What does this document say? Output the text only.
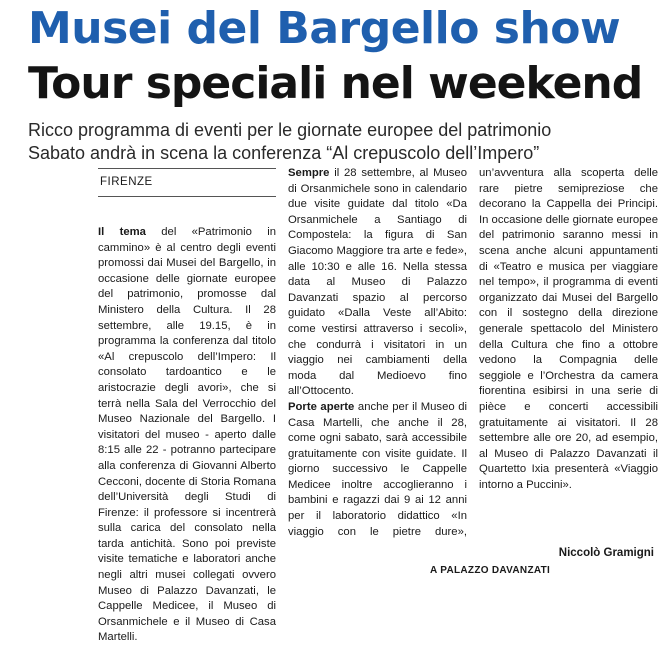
Musei del Bargello show
Tour speciali nel weekend
Ricco programma di eventi per le giornate europee del patrimonio
Sabato andrà in scena la conferenza “Al crepuscolo dell’Impero”
FIRENZE

Il tema del «Patrimonio in cammino» è al centro degli eventi promossi dai Musei del Bargello, in occasione delle giornate europee del patrimonio, promosse dal Ministero della Cultura. Il 28 settembre, alle 19.15, è in programma la conferenza dal titolo «Al crepuscolo dell’Impero: Il consolato tardoantico e le aristocrazie degli avori», che si terrà nella Sala del Verrocchio del Museo Nazionale del Bargello. I visitatori del museo - aperto dalle 8:15 alle 22 - potranno partecipare alla conferenza di Giovanni Alberto Cecconi, docente di Storia Romana dell’Università degli Studi di Firenze: il professore si incentrerà sulla carica del consolato nella tarda antichità. Sono poi previste visite tematiche e laboratori anche negli altri musei collegati ovvero Museo di Palazzo Davanzati, le Cappelle Medicee, il Museo di Orsanmichele e il Museo di Casa Martelli.

Sempre il 28 settembre, al Museo di Orsanmichele sono in calendario due visite guidate dal titolo «Da Orsanmichele a Santiago di Compostela: la figura di San Giacomo Maggiore tra arte e fede», alle 10:30 e alle 16. Nella stessa data al Museo di Palazzo Davanzati spazio al percorso guidato «Dalla Veste all’Abito: come vestirsi attraverso i secoli», che condurrà i visitatori in un viaggio nei cambiamenti della moda dal Medioevo fino all’Ottocento.

Porte aperte anche per il Museo di Casa Martelli, che anche il 28, come ogni sabato, sarà accessibile gratuitamente con visite guidate. Il giorno successivo le Cappelle Medicee inoltre accoglieranno i bambini e ragazzi dai 9 ai 12 anni per il laboratorio didattico «In viaggio con le pietre dure», un’avventura alla scoperta delle rare pietre semipreziose che decorano la Cappella dei Principi. In occasione delle giornate europee del patrimonio saranno messi in scena anche alcuni appuntamenti di «Teatro e musica per viaggiare nel tempo», il programma di eventi organizzato dai Musei del Bargello con il sostegno della direzione generale spettacolo del Ministero della Cultura che fino a ottobre vedono la Compagnia delle seggiole e l’Orchestra da camera fiorentina esibirsi in una serie di pièce e concerti accessibili gratuitamente ai visitatori. Il 28 settembre alle ore 20, ad esempio, al Museo di Palazzo Davanzati il Quartetto Ixia presenterà «Viaggio intorno a Puccini».

Niccolò Gramigni
A PALAZZO DAVANZATI
